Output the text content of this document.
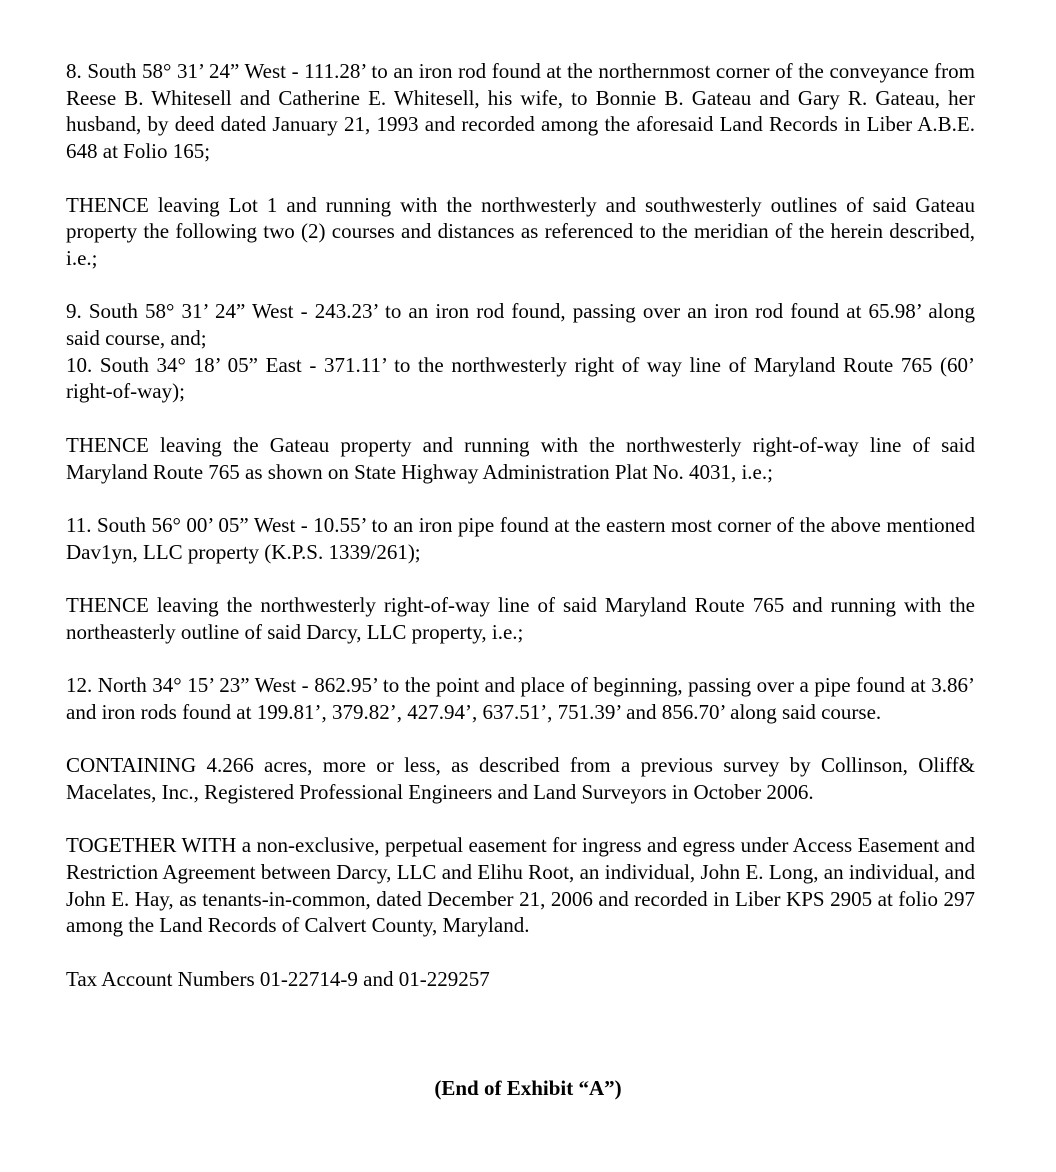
8. South 58° 31’ 24” West - 111.28’ to an iron rod found at the northernmost corner of the conveyance from Reese B. Whitesell and Catherine E. Whitesell, his wife, to Bonnie B. Gateau and Gary R. Gateau, her husband, by deed dated January 21, 1993 and recorded among the aforesaid Land Records in Liber A.B.E. 648 at Folio 165;

THENCE leaving Lot 1 and running with the northwesterly and southwesterly outlines of said Gateau property the following two (2) courses and distances as referenced to the meridian of the herein described, i.e.;

9. South 58° 31’ 24” West - 243.23’ to an iron rod found, passing over an iron rod found at 65.98’ along said course, and;

10. South 34° 18’ 05” East - 371.11’ to the northwesterly right of way line of Maryland Route 765 (60’ right-of-way);

THENCE leaving the Gateau property and running with the northwesterly right-of-way line of said Maryland Route 765 as shown on State Highway Administration Plat No. 4031, i.e.;

11. South 56° 00’ 05” West - 10.55’ to an iron pipe found at the eastern most corner of the above mentioned Dav1yn, LLC property (K.P.S. 1339/261);

THENCE leaving the northwesterly right-of-way line of said Maryland Route 765 and running with the northeasterly outline of said Darcy, LLC property, i.e.;

12. North 34° 15’ 23” West - 862.95’ to the point and place of beginning, passing over a pipe found at 3.86’ and iron rods found at 199.81’, 379.82’, 427.94’, 637.51’, 751.39’ and 856.70’ along said course.

CONTAINING 4.266 acres, more or less, as described from a previous survey by Collinson, Oliff& Macelates, Inc., Registered Professional Engineers and Land Surveyors in October 2006.

TOGETHER WITH a non-exclusive, perpetual easement for ingress and egress under Access Easement and Restriction Agreement between Darcy, LLC and Elihu Root, an individual, John E. Long, an individual, and John E. Hay, as tenants-in-common, dated December 21, 2006 and recorded in Liber KPS 2905 at folio 297 among the Land Records of Calvert County, Maryland.

Tax Account Numbers 01-22714-9 and 01-229257

(End of Exhibit “A”)
